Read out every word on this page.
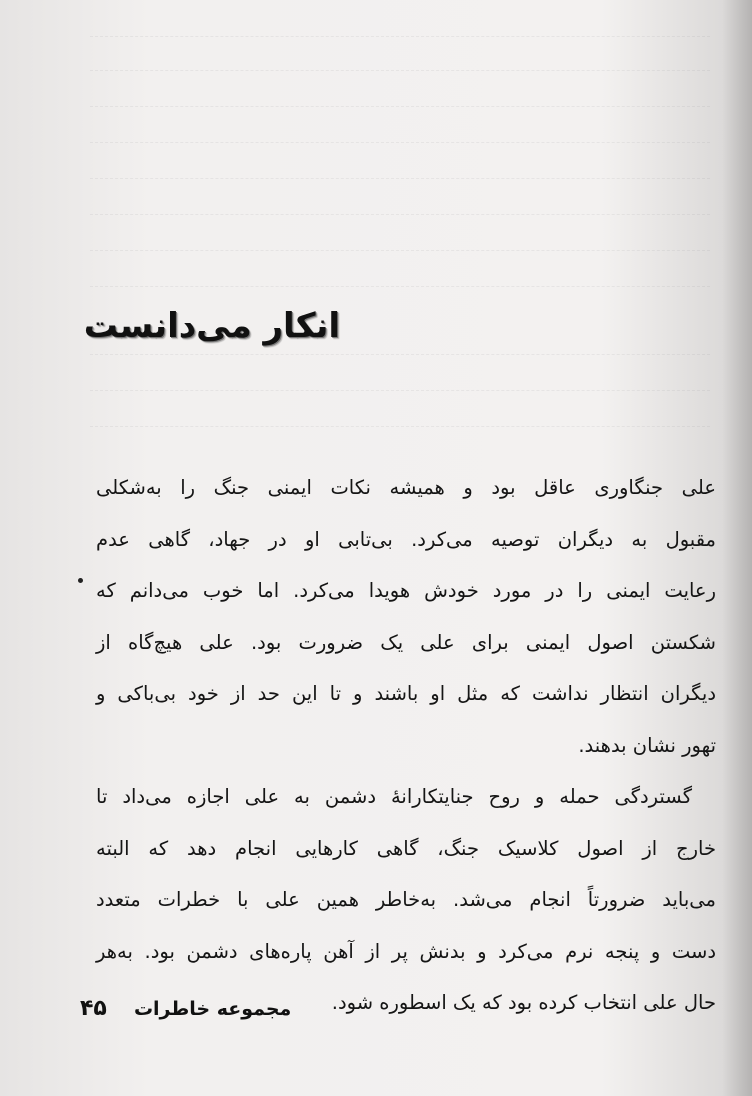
انکار می‌دانست
علی جنگاوری عاقل بود و همیشه نکات ایمنی جنگ را به‌شکلی
مقبول به دیگران توصیه می‌کرد. بی‌تابی او در جهاد، گاهی عدم
رعایت ایمنی را در مورد خودش هویدا می‌کرد. اما خوب می‌دانم که
شکستن اصول ایمنی برای علی یک ضرورت بود. علی هیچ‌گاه از
دیگران انتظار نداشت که مثل او باشند و تا این حد از خود بی‌باکی و
تهور نشان بدهند.
گستردگی حمله و روح جنایتکارانهٔ دشمن به علی اجازه می‌داد تا
خارج از اصول کلاسیک جنگ، گاهی کارهایی انجام دهد که البته
می‌باید ضرورتاً انجام می‌شد. به‌خاطر همین علی با خطرات متعدد
دست و پنجه نرم می‌کرد و بدنش پر از آهن پاره‌های دشمن بود. به‌هر
حال علی انتخاب کرده بود که یک اسطوره شود.
مجموعه خاطرات ۴۵
